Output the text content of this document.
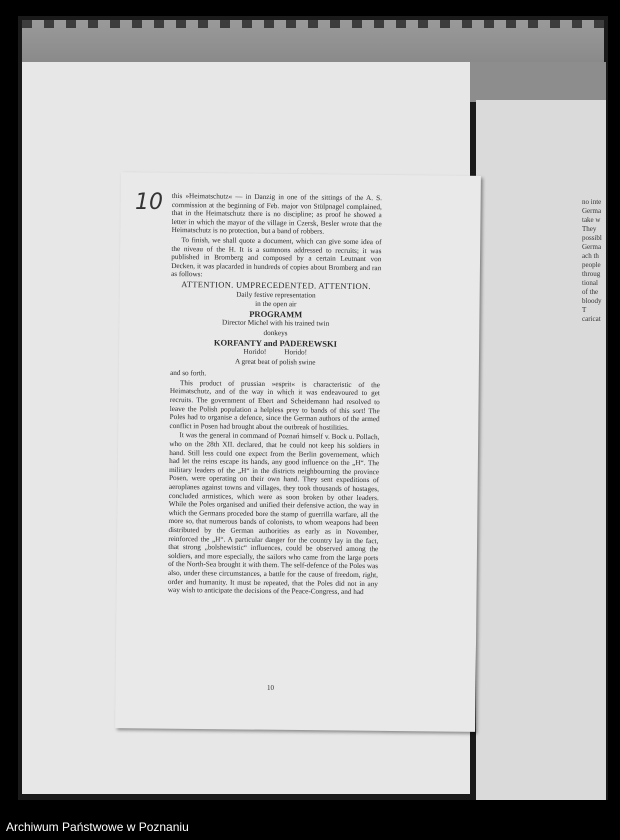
no inte
Germa
take w
They
possibl
Germa
ach th
people
throug
tional
of the
bloody
T
caricat
10 this »Heimatschutz« — in Danzig in one of the sittings of the A. S. commission at the beginning of Feb. major von Stülpnagel complained, that in the Heimatschutz there is no discipline; as proof he showed a letter in which the mayor of the village in Czersk, Besler wrote that the Heimatschutz is no protection, but a band of robbers.

To finish, we shall quote a document, which can give some idea of the niveau of the H. It is a summons addressed to recruits; it was published in Bromberg and composed by a certain Leutnant von Decken, it was placarded in hundreds of copies about Bromberg and ran as follows:

ATTENTION. UMPRECEDENTED. ATTENTION.

Daily festive representation

in the open air

PROGRAMM

Director Michel with his trained twin

donkeys

KORFANTY and PADEREWSKI

Horido!          Horido!

A great beat of polish swine

and so forth.

This product of prussian »esprit« is characteristic of the Heimatschutz, and of the way in which it was endeavoured to get recruits. The government of Ebert and Scheidemann had resolved to leave the Polish population a helpless prey to bands of this sort! The Poles had to organise a defence, since the German authors of the armed conflict in Posen had brought about the outbreak of hostilities.

It was the general in command of Poznań himself v. Bock u. Pollach, who on the 28th XII. declared, that he could not keep his soldiers in hand. Still less could one expect from the Berlin governement, which had let the reins escape its hands, any good influence on the „H“. The military leaders of the „H“ in the districts neighbourning the province Posen, were operating on their own hand. They sent expeditions of aeroplanes against towns and villages, they took thousands of hostages, concluded armistices, which were as soon broken by other leaders. While the Poles organised and unified their defensive action, the way in which the Germans proceded bore the stamp of guerrilla warfare, all the more so, that numerous bands of colonists, to whom weapons had been distributed by the German authorities as early as in November, reinforced the „H“. A particular danger for the country lay in the fact, that strong „bolshewistic“ influences, could be observed among the soldiers, and more especially, the sailors who came from the large ports of the North-Sea brought it with them. The self-defence of the Poles was also, under these circumstances, a battle for the cause of freedom, right, order and humanity. It must be repeated, that the Poles did not in any way wish to anticipate the decisions of the Peace-Congress, and had

10
Archiwum Państwowe w Poznaniu
